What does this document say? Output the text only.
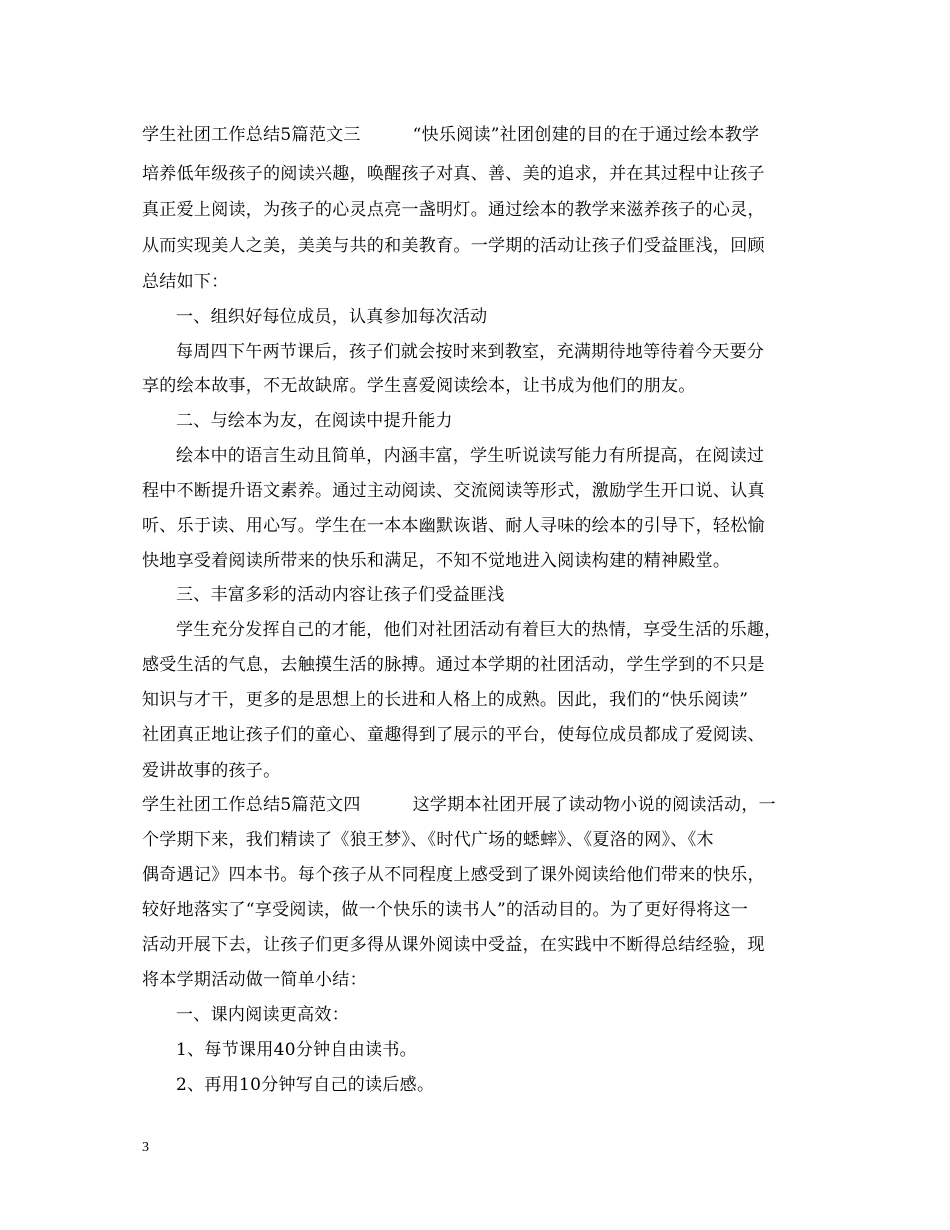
学生社团工作总结5篇范文三　　　“快乐阅读”社团创建的目的在于通过绘本教学
培养低年级孩子的阅读兴趣，唤醒孩子对真、善、美的追求，并在其过程中让孩子
真正爱上阅读，为孩子的心灵点亮一盏明灯。通过绘本的教学来滋养孩子的心灵，
从而实现美人之美，美美与共的和美教育。一学期的活动让孩子们受益匪浅，回顾
总结如下：
一、组织好每位成员，认真参加每次活动
每周四下午两节课后，孩子们就会按时来到教室，充满期待地等待着今天要分
享的绘本故事，不无故缺席。学生喜爱阅读绘本，让书成为他们的朋友。
二、与绘本为友，在阅读中提升能力
绘本中的语言生动且简单，内涵丰富，学生听说读写能力有所提高，在阅读过
程中不断提升语文素养。通过主动阅读、交流阅读等形式，激励学生开口说、认真
听、乐于读、用心写。学生在一本本幽默诙谐、耐人寻味的绘本的引导下，轻松愉
快地享受着阅读所带来的快乐和满足，不知不觉地进入阅读构建的精神殿堂。
三、丰富多彩的活动内容让孩子们受益匪浅
学生充分发挥自己的才能，他们对社团活动有着巨大的热情，享受生活的乐趣，
感受生活的气息，去触摸生活的脉搏。通过本学期的社团活动，学生学到的不只是
知识与才干，更多的是思想上的长进和人格上的成熟。因此，我们的“快乐阅读”
社团真正地让孩子们的童心、童趣得到了展示的平台，使每位成员都成了爱阅读、
爱讲故事的孩子。
学生社团工作总结5篇范文四　　　这学期本社团开展了读动物小说的阅读活动，一
个学期下来，我们精读了《狼王梦》、《时代广场的蟋蟀》、《夏洛的网》、《木
偶奇遇记》四本书。每个孩子从不同程度上感受到了课外阅读给他们带来的快乐，
较好地落实了“享受阅读，做一个快乐的读书人”的活动目的。为了更好得将这一
活动开展下去，让孩子们更多得从课外阅读中受益，在实践中不断得总结经验，现
将本学期活动做一简单小结：
一、课内阅读更高效：
1、每节课用40分钟自由读书。
2、再用10分钟写自己的读后感。
3
